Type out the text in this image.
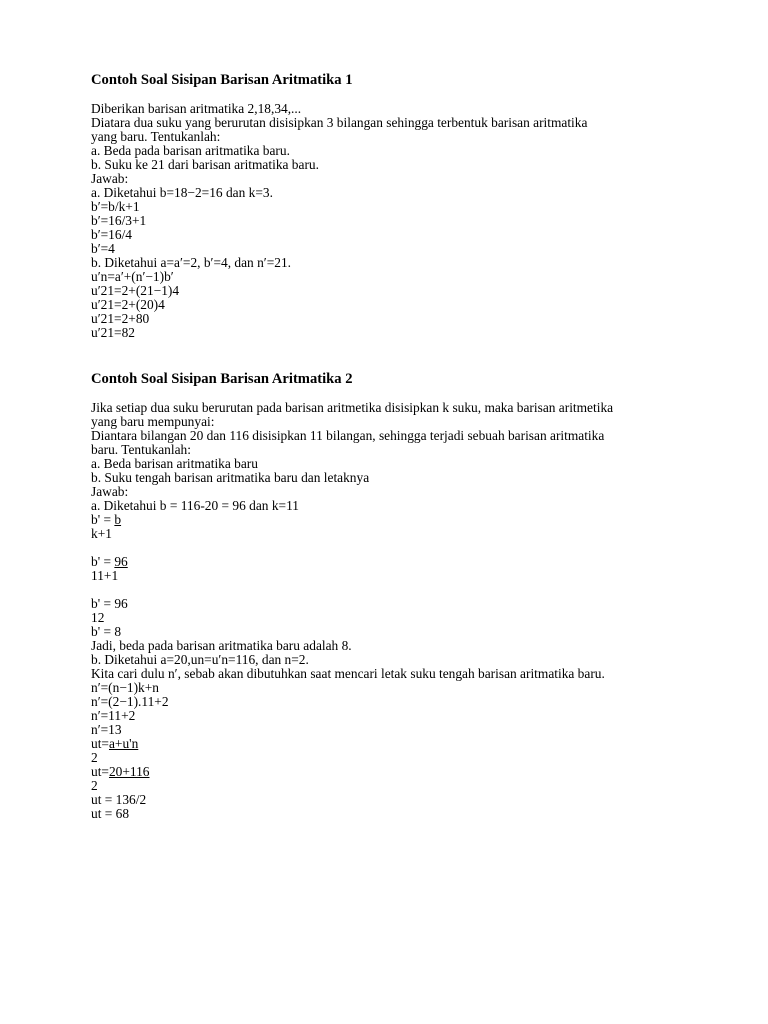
Contoh Soal Sisipan Barisan Aritmatika 1
Diberikan barisan aritmatika 2,18,34,...
Diatara dua suku yang berurutan disisipkan 3 bilangan sehingga terbentuk barisan aritmatika
yang baru. Tentukanlah:
a. Beda pada barisan aritmatika baru.
b. Suku ke 21 dari barisan aritmatika baru.
Jawab:
a. Diketahui b=18−2=16 dan k=3.
b′=b/k+1
b′=16/3+1
b′=16/4
b′=4
b. Diketahui a=a′=2, b′=4, dan n′=21.
u′n=a′+(n′−1)b′
u′21=2+(21−1)4
u′21=2+(20)4
u′21=2+80
u′21=82
Contoh Soal Sisipan Barisan Aritmatika 2
Jika setiap dua suku berurutan pada barisan aritmetika disisipkan k suku, maka barisan aritmetika
yang baru mempunyai:
Diantara bilangan 20 dan 116 disisipkan 11 bilangan, sehingga terjadi sebuah barisan aritmatika
baru. Tentukanlah:
a. Beda barisan aritmatika baru
b. Suku tengah barisan aritmatika baru dan letaknya
Jawab:
a. Diketahui b = 116-20 = 96 dan k=11
b' = b
k+1
b' = 96
11+1
b' = 96
12
b' = 8
Jadi, beda pada barisan aritmatika baru adalah 8.
b. Diketahui a=20,un=u′n=116, dan n=2.
Kita cari dulu n′, sebab akan dibutuhkan saat mencari letak suku tengah barisan aritmatika baru.
n′=(n−1)k+n
n′=(2−1).11+2
n′=11+2
n′=13
ut=a+u'n
2
ut=20+116
2
ut = 136/2
ut = 68
